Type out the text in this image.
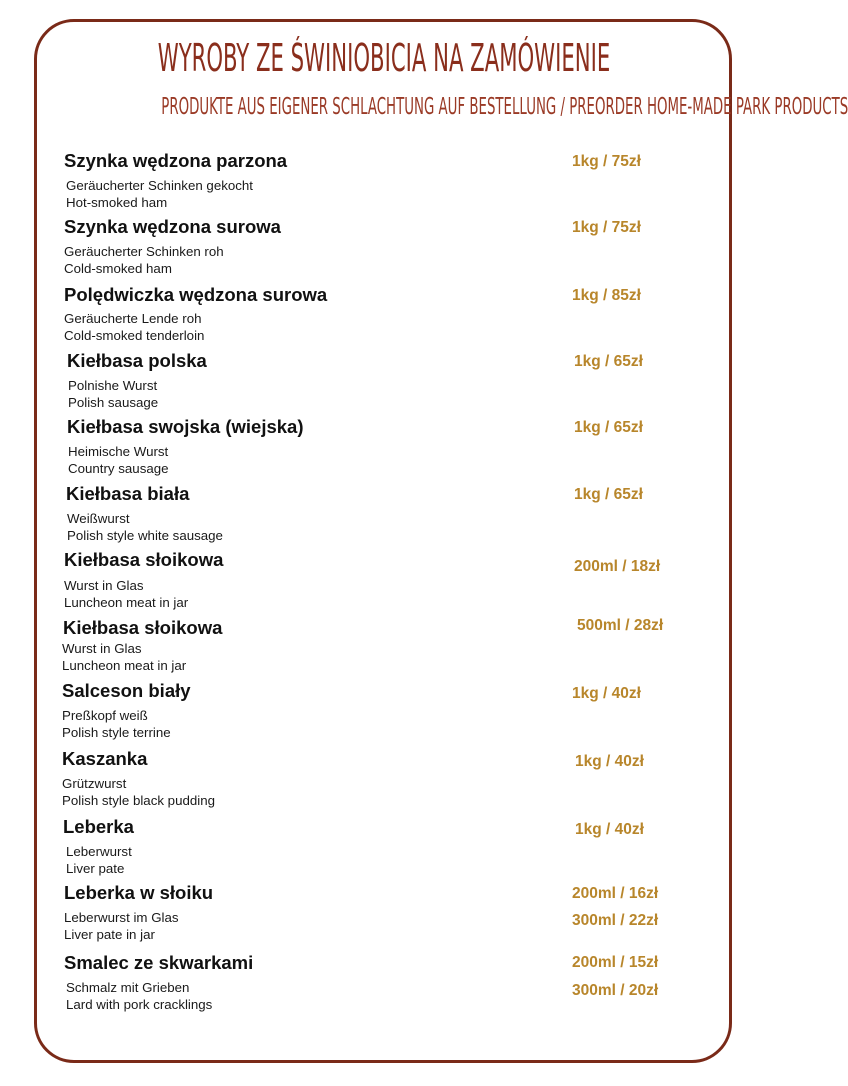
WYROBY ZE ŚWINIOBICIA NA ZAMÓWIENIE
PRODUKTE AUS EIGENER SCHLACHTUNG AUF BESTELLUNG / PREORDER HOME-MADE PARK PRODUCTS
Szynka wędzona parzona
Geräucherter Schinken gekocht
Hot-smoked ham
1kg / 75zł
Szynka wędzona surowa
Geräucherter Schinken roh
Cold-smoked ham
1kg / 75zł
Polędwiczka wędzona surowa
Geräucherte Lende roh
Cold-smoked tenderloin
1kg / 85zł
Kiełbasa polska
Polnishe Wurst
Polish sausage
1kg / 65zł
Kiełbasa swojska (wiejska)
Heimische Wurst
Country sausage
1kg / 65zł
Kiełbasa biała
Weißwurst
Polish style white sausage
1kg / 65zł
Kiełbasa słoikowa
Wurst in Glas
Luncheon meat in jar
200ml / 18zł
Kiełbasa słoikowa
Wurst in Glas
Luncheon meat in jar
500ml / 28zł
Salceson biały
Preßkopf weiß
Polish style terrine
1kg / 40zł
Kaszanka
Grützwurst
Polish style black pudding
1kg / 40zł
Leberka
Leberwurst
Liver pate
1kg / 40zł
Leberka w słoiku
Leberwurst im Glas
Liver pate in jar
200ml / 16zł
300ml / 22zł
Smalec ze skwarkami
Schmalz mit Grieben
Lard with pork cracklings
200ml / 15zł
300ml / 20zł
